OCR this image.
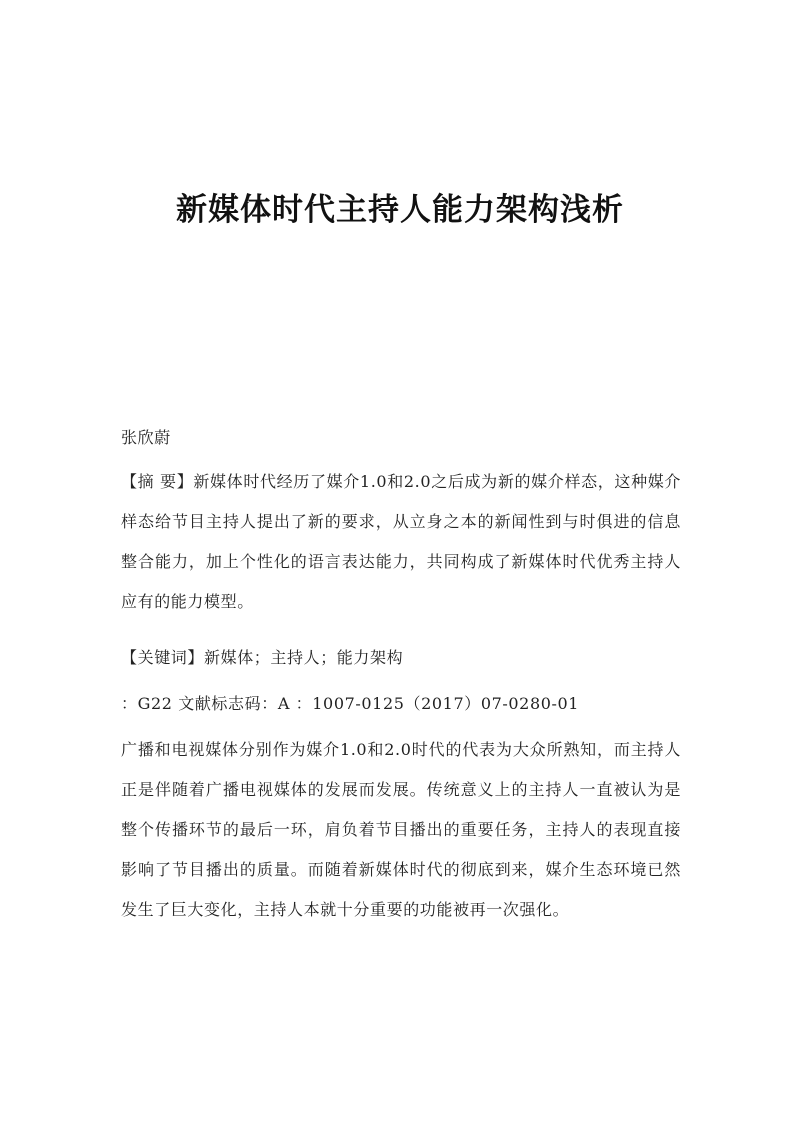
新媒体时代主持人能力架构浅析

张欣蔚

【摘 要】新媒体时代经历了媒介1.0和2.0之后成为新的媒介样态，这种媒介样态给节目主持人提出了新的要求，从立身之本的新闻性到与时俱进的信息整合能力，加上个性化的语言表达能力，共同构成了新媒体时代优秀主持人应有的能力模型。

【关键词】新媒体；主持人；能力架构

：G22 文献标志码：A ：1007-0125（2017）07-0280-01

广播和电视媒体分别作为媒介1.0和2.0时代的代表为大众所熟知，而主持人正是伴随着广播电视媒体的发展而发展。传统意义上的主持人一直被认为是整个传播环节的最后一环，肩负着节目播出的重要任务，主持人的表现直接影响了节目播出的质量。而随着新媒体时代的彻底到来，媒介生态环境已然发生了巨大变化，主持人本就十分重要的功能被再一次强化。
